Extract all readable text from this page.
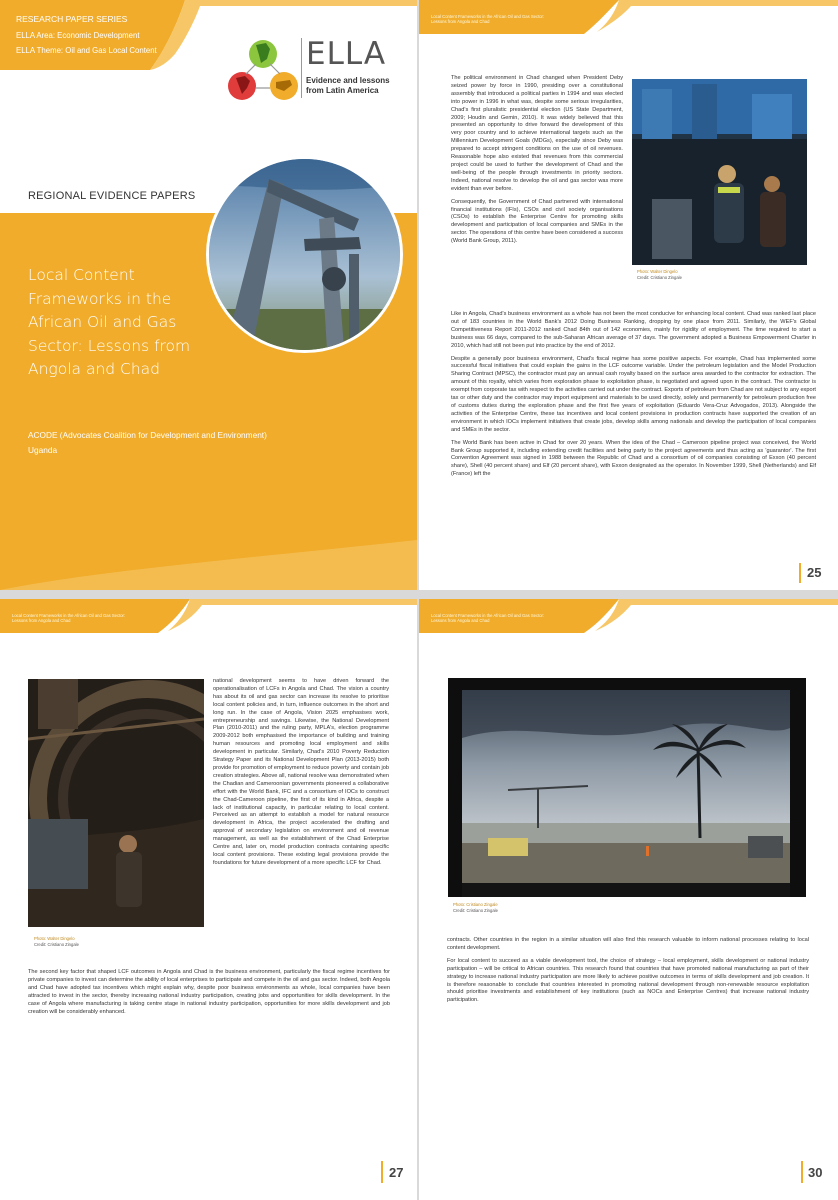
RESEARCH PAPER SERIES
ELLA Area: Economic Development
ELLA Theme: Oil and Gas Local Content	ELLA
Evidence and lessons
from Latin America
REGIONAL EVIDENCE PAPERS
Local Content Frameworks in the African Oil and Gas Sector: Lessons from Angola and Chad
ACODE (Advocates Coalition for Development and Environment)
Uganda
Local Content Frameworks in the African Oil and Gas Sector:
Lessons from Angola and Chad

The political environment in Chad changed when President Deby seized power by force in 1990, presiding over a constitutional assembly that introduced a political parties in 1994 and was elected into power in 1996 in what was, despite some serious irregularities, Chad's first pluralistic presidential election (US State Department, 2009; Houdin and Gemin, 2010). It was widely believed that this presented an opportunity to drive forward the development of this very poor country and to achieve international targets such as the Millennium Development Goals (MDGs), especially since Deby was prepared to accept stringent conditions on the use of oil revenues. Reasonable hope also existed that revenues from this commercial project could be used to further the development of Chad and the well-being of the people through investments in priority sectors. Indeed, national resolve to develop the oil and gas sector was more evident than ever before.

Consequently, the Government of Chad partnered with international financial institutions (IFIs), CSOs and civil society organisations (CSOs) to establish the Enterprise Centre for promoting skills development and participation of local companies and SMEs in the sector. The operations of this centre have been considered a success (World Bank Group, 2011).

Photo: Walter Dingelo
Credit: Cristiano Zingale

Like in Angola, Chad's business environment as a whole has not been the most conducive for enhancing local content. Chad was ranked last place out of 183 countries in the World Bank's 2012 Doing Business Ranking, dropping by one place from 2011. Similarly, the WEF's Global Competitiveness Report 2011-2012 ranked Chad 84th out of 142 economies, mainly for rigidity of employment. The time required to start a business was 66 days, compared to the sub-Saharan African average of 37 days. The government adopted a Business Empowerment Charter in 2010, which had still not been put into practice by the end of 2012.

Despite a generally poor business environment, Chad's fiscal regime has some positive aspects. For example, Chad has implemented some successful fiscal initiatives that could explain the gains in the LCF outcome variable. Under the petroleum legislation and the Model Production Sharing Contract (MPSC), the contractor must pay an annual cash royalty based on the surface area awarded to the contractor for extraction. The amount of this royalty, which varies from exploration phase to exploitation phase, is negotiated and agreed upon in the contract. The contractor is exempt from corporate tax with respect to the activities carried out under the contract. Exports of petroleum from Chad are not subject to any export tax or other duty and the contractor may import equipment and materials to be used directly, solely and permanently for petroleum production free of customs duties during the exploration phase and the first five years of exploitation (Eduardo Vera-Cruz Advogados, 2013). Alongside the activities of the Enterprise Centre, these tax incentives and local content provisions in production contracts have supported the creation of an environment in which IOCs implement initiatives that create jobs, develop skills among nationals and develop the participation of local companies and SMEs in the sector.

The World Bank has been active in Chad for over 20 years. When the idea of the Chad – Cameroon pipeline project was conceived, the World Bank Group supported it, including extending credit facilities and being party to the project agreements and thus acting as 'guarantor'. The first Convention Agreement was signed in 1988 between the Republic of Chad and a consortium of oil companies consisting of Exxon (40 percent share), Shell (40 percent share) and Elf (20 percent share), with Exxon designated as the operator. In November 1999, Shell (Netherlands) and Elf (France) left the

25
Local Content Frameworks in the African Oil and Gas Sector:
Lessons from Angola and Chad
Photo: Walter Dingelo
Credit: Cristiano Zingale

national development seems to have driven forward the operationalisation of LCFs in Angola and Chad. The vision a country has about its oil and gas sector can increase its resolve to prioritise local content policies and, in turn, influence outcomes in the short and long run. In the case of Angola, Vision 2025 emphasises work, entrepreneurship and savings. Likewise, the National Development Plan (2010-2011) and the ruling party, MPLA's, election programme 2009-2012 both emphasised the importance of building and training human resources and promoting local employment and skills development in particular. Similarly, Chad's 2010 Poverty Reduction Strategy Paper and its National Development Plan (2013-2015) both provide for promotion of employment to reduce poverty and contain job creation strategies. Above all, national resolve was demonstrated when the Chadian and Cameroonian governments pioneered a collaborative effort with the World Bank, IFC and a consortium of IOCs to construct the Chad-Cameroon pipeline, the first of its kind in Africa, despite a lack of institutional capacity, in particular relating to local content. Perceived as an attempt to establish a model for natural resource development in Africa, the project accelerated the drafting and approval of secondary legislation on environment and oil revenue management, as well as the establishment of the Chad Enterprise Centre and, later on, model production contracts containing specific local content provisions. These existing legal provisions provide the foundations for future development of a more specific LCF for Chad.

The second key factor that shaped LCF outcomes in Angola and Chad is the business environment, particularly the fiscal regime incentives for private companies to invest can determine the ability of local enterprises to participate and compete in the oil and gas sector. Indeed, both Angola and Chad have adopted tax incentives which might explain why, despite poor business environments as whole, local companies have been attracted to invest in the sector, thereby increasing national industry participation, creating jobs and opportunities for skills development. In the case of Angola where manufacturing is taking centre stage in national industry participation, opportunities for more skills development and job creation will be considerably enhanced.

27
Local Content Frameworks in the African Oil and Gas Sector:
Lessons from Angola and Chad
Photo: Cristiano Zingale
Credit: Cristiano Zingale

contracts. Other countries in the region in a similar situation will also find this research valuable to inform national processes relating to local content development.

For local content to succeed as a viable development tool, the choice of strategy – local employment, skills development or national industry participation – will be critical to African countries. This research found that countries that have promoted national manufacturing as part of their strategy to increase national industry participation are more likely to achieve positive outcomes in terms of skills development and job creation. It is therefore reasonable to conclude that countries interested in promoting national development through non-renewable resource exploitation should prioritise investments and establishment of key institutions (such as NOCs and Enterprise Centres) that increase national industry participation.

30
